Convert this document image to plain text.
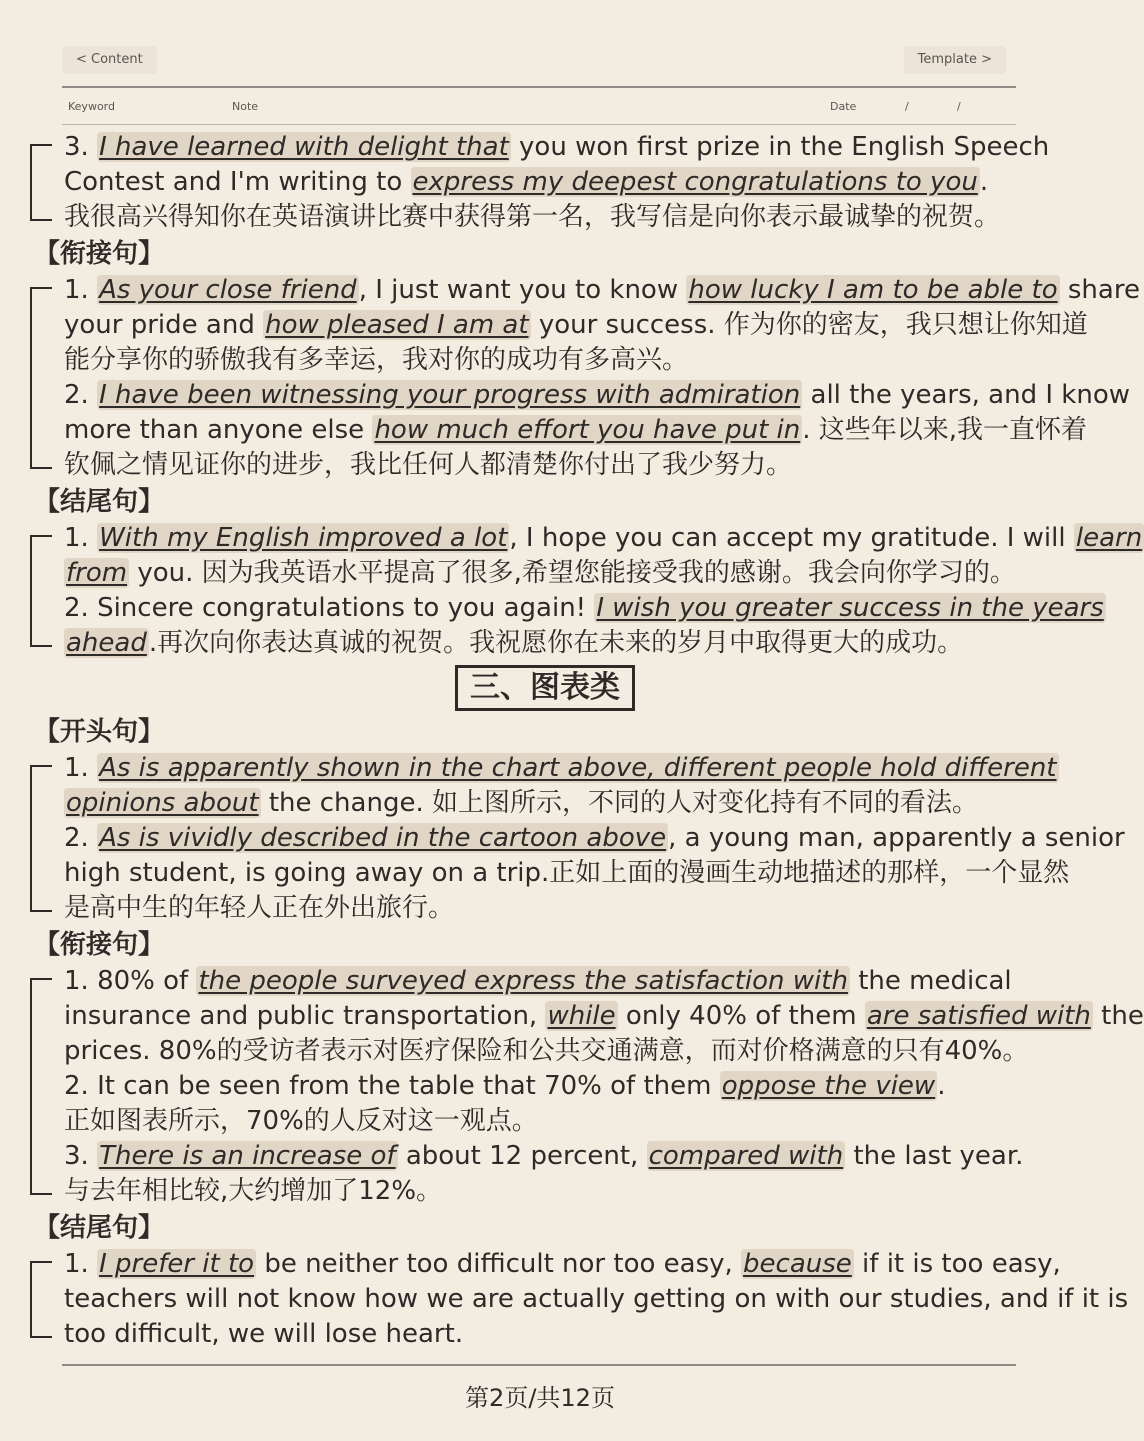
< Content	Template >
Keyword	Note	Date	/	/
3. I have learned with delight that you won first prize in the English Speech
Contest and I'm writing to express my deepest congratulations to you.
我很高兴得知你在英语演讲比赛中获得第一名，我写信是向你表示最诚挚的祝贺。
【衔接句】
1. As your close friend, I just want you to know how lucky I am to be able to share
your pride and how pleased I am at your success. 作为你的密友，我只想让你知道
能分享你的骄傲我有多幸运，我对你的成功有多高兴。
2. I have been witnessing your progress with admiration all the years, and I know
more than anyone else how much effort you have put in. 这些年以来,我一直怀着
钦佩之情见证你的进步，我比任何人都清楚你付出了我少努力。
【结尾句】
1. With my English improved a lot, I hope you can accept my gratitude. I will learn
from you. 因为我英语水平提高了很多,希望您能接受我的感谢。我会向你学习的。
2. Sincere congratulations to you again! I wish you greater success in the years
ahead.再次向你表达真诚的祝贺。我祝愿你在未来的岁月中取得更大的成功。
三、图表类
【开头句】
1. As is apparently shown in the chart above, different people hold different
opinions about the change. 如上图所示，不同的人对变化持有不同的看法。
2. As is vividly described in the cartoon above, a young man, apparently a senior
high student, is going away on a trip.正如上面的漫画生动地描述的那样，一个显然
是高中生的年轻人正在外出旅行。
【衔接句】
1. 80% of the people surveyed express the satisfaction with the medical
insurance and public transportation, while only 40% of them are satisfied with the
prices. 80%的受访者表示对医疗保险和公共交通满意，而对价格满意的只有40%。
2. It can be seen from the table that 70% of them oppose the view.
正如图表所示，70%的人反对这一观点。
3. There is an increase of about 12 percent, compared with the last year.
与去年相比较,大约增加了12%。
【结尾句】
1. I prefer it to be neither too difficult nor too easy, because if it is too easy,
teachers will not know how we are actually getting on with our studies, and if it is
too difficult, we will lose heart.
第2页/共12页
